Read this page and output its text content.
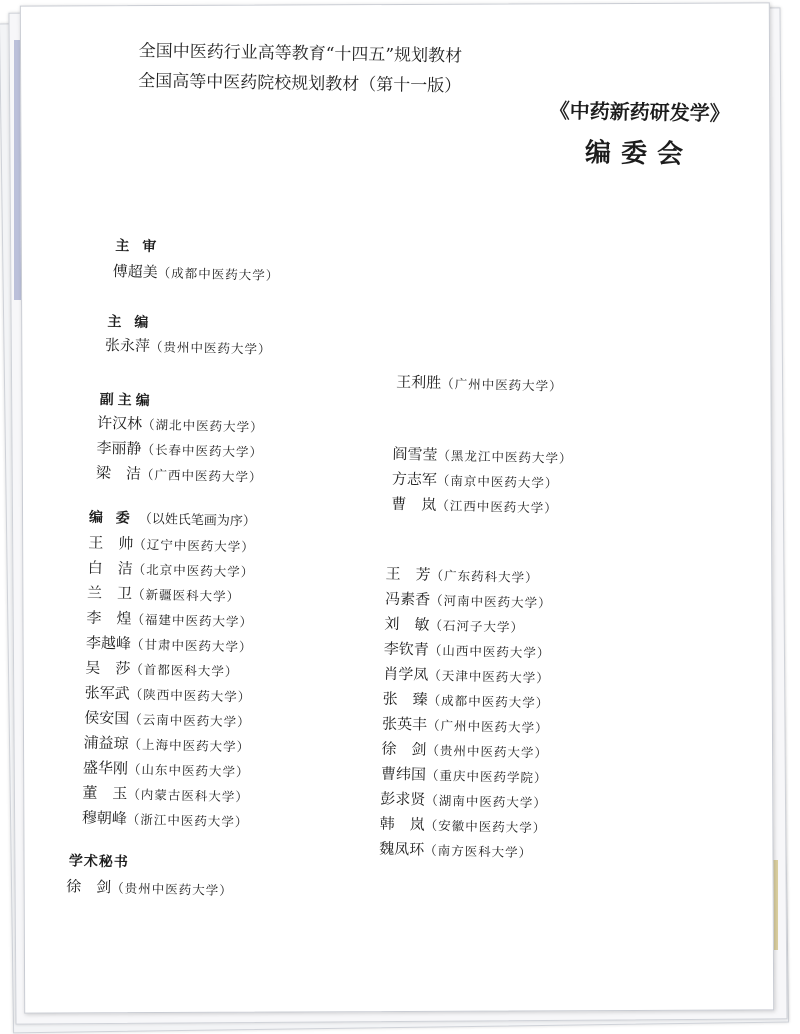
全国中医药行业高等教育“十四五”规划教材
全国高等中医药院校规划教材（第十一版）
《中药新药研发学》
编委会
主 审
傅超美（成都中医药大学）
主 编
张永萍（贵州中医药大学）
王利胜（广州中医药大学）
副主编
许汉林（湖北中医药大学）
李丽静（长春中医药大学）
梁　洁（广西中医药大学）
阎雪莹（黑龙江中医药大学）
方志军（南京中医药大学）
曹　岚（江西中医药大学）
编 委 （以姓氏笔画为序）
王　帅（辽宁中医药大学）
白　洁（北京中医药大学）
兰　卫（新疆医科大学）
李　煌（福建中医药大学）
李越峰（甘肃中医药大学）
吴　莎（首都医科大学）
张军武（陕西中医药大学）
侯安国（云南中医药大学）
浦益琼（上海中医药大学）
盛华刚（山东中医药大学）
董　玉（内蒙古医科大学）
穆朝峰（浙江中医药大学）
王　芳（广东药科大学）
冯素香（河南中医药大学）
刘　敏（石河子大学）
李钦青（山西中医药大学）
肖学凤（天津中医药大学）
张　臻（成都中医药大学）
张英丰（广州中医药大学）
徐　剑（贵州中医药大学）
曹纬国（重庆中医药学院）
彭求贤（湖南中医药大学）
韩　岚（安徽中医药大学）
魏凤环（南方医科大学）
学术秘书
徐　剑（贵州中医药大学）
